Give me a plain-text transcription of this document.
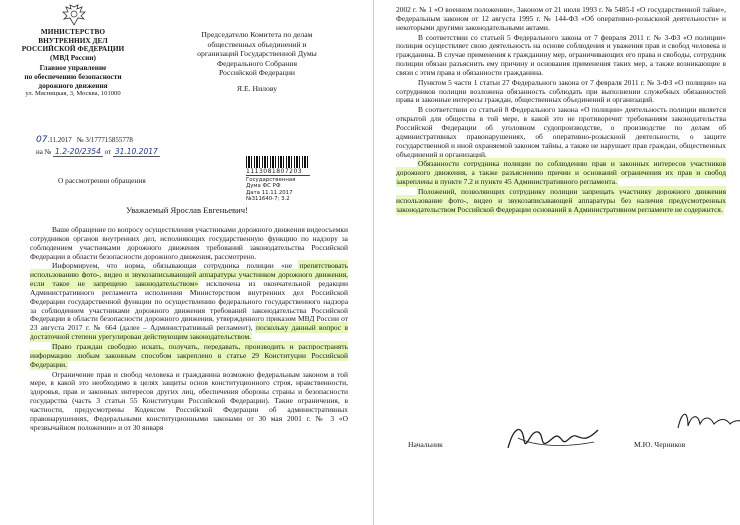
МИНИСТЕРСТВО
ВНУТРЕННИХ ДЕЛ
РОССИЙСКОЙ ФЕДЕРАЦИИ
(МВД России)
Главное управление
по обеспечению безопасности
дорожного движения
ул. Мясницкая, 3, Москва, 101000
Председателю Комитета по делам
общественных объединений и
организаций Государственной Думы
Федерального Собрания
Российской Федерации
Я.Е. Нилову
07.11.2017 № 3/177715855778
на № 1.2-20/2354 от 31.10.2017
1113081807203
Государственная Дума ФС РФ
Дата 11.11.2017
№311640-7; 3.2
О рассмотрении обращения
Уважаемый Ярослав Евгеньевич!
Ваше обращение по вопросу осуществления участниками дорожного движения видеосъемки сотрудников органов внутренних дел, исполняющих государственную функцию по надзору за соблюдением участниками дорожного движения требований законодательства Российской Федерации в области безопасности дорожного движения, рассмотрено.
Информируем, что норма, обязывающая сотрудника полиции «не препятствовать использованию фото-, видео и звукозаписывающей аппаратуры участником дорожного движения, если такое не запрещено законодательством» исключена из окончательной редакции Административного регламента исполнения Министерством внутренних дел Российской Федерации государственной функции по осуществлению федерального государственного надзора за соблюдением участниками дорожного движения требований законодательства Российской Федерации в области безопасности дорожного движения, утвержденного приказом МВД России от 23 августа 2017 г. № 664 (далее – Административный регламент), поскольку данный вопрос в достаточной степени урегулирован действующим законодательством.
Право граждан свободно искать, получать, передавать, производить и распространять информацию любым законным способом закреплено в статье 29 Конституции Российской Федерации.
Ограничение прав и свобод человека и гражданина возможно федеральным законом в той мере, в какой это необходимо в целях защиты основ конституционного строя, нравственности, здоровья, прав и законных интересов других лиц, обеспечения обороны страны и безопасности государства (часть 3 статьи 55 Конституции Российской Федерации). Такие ограничения, в частности, предусмотрены Кодексом Российской Федерации об административных правонарушениях, Федеральными конституционными законами от 30 мая 2001 г. № 3 «О чрезвычайном положении» и от 30 января
2002 г. № 1 «О военном положении», Законом от 21 июля 1993 г. № 5485-I «О государственной тайне», Федеральным законом от 12 августа 1995 г. № 144-ФЗ «Об оперативно-розыскной деятельности» и некоторыми другими законодательными актами.
В соответствии со статьей 5 Федерального закона от 7 февраля 2011 г. № 3-ФЗ «О полиции» полиция осуществляет свою деятельность на основе соблюдения и уважения прав и свобод человека и гражданина. В случае применения к гражданину мер, ограничивающих его права и свободы, сотрудник полиции обязан разъяснить ему причину и основания применения таких мер, а также возникающие в связи с этим права и обязанности гражданина.
Пунктом 5 части 1 статьи 27 Федерального закона от 7 февраля 2011 г. № 3-ФЗ «О полиции» на сотрудников полиции возложена обязанность соблюдать при выполнении служебных обязанностей права и законные интересы граждан, общественных объединений и организаций.
В соответствии со статьей 8 Федерального закона «О полиции» деятельность полиции является открытой для общества в той мере, в какой это не противоречит требованиям законодательства Российской Федерации об уголовном судопроизводстве, о производстве по делам об административных правонарушениях, об оперативно-розыскной деятельности, о защите государственной и иной охраняемой законом тайны, а также не нарушает прав граждан, общественных объединений и организаций.
Обязанности сотрудника полиции по соблюдению прав и законных интересов участников дорожного движения, а также разъяснению причин и оснований ограничения их прав и свобод закреплены в пункте 7.2 и пункте 45 Административного регламента.
Положений, позволяющих сотруднику полиции запрещать участнику дорожного движения использование фото-, видео и звукозаписывающей аппаратуры без наличия предусмотренных законодательством Российской Федерации оснований в Административном регламенте не содержится.
Начальник	М.Ю. Черников
